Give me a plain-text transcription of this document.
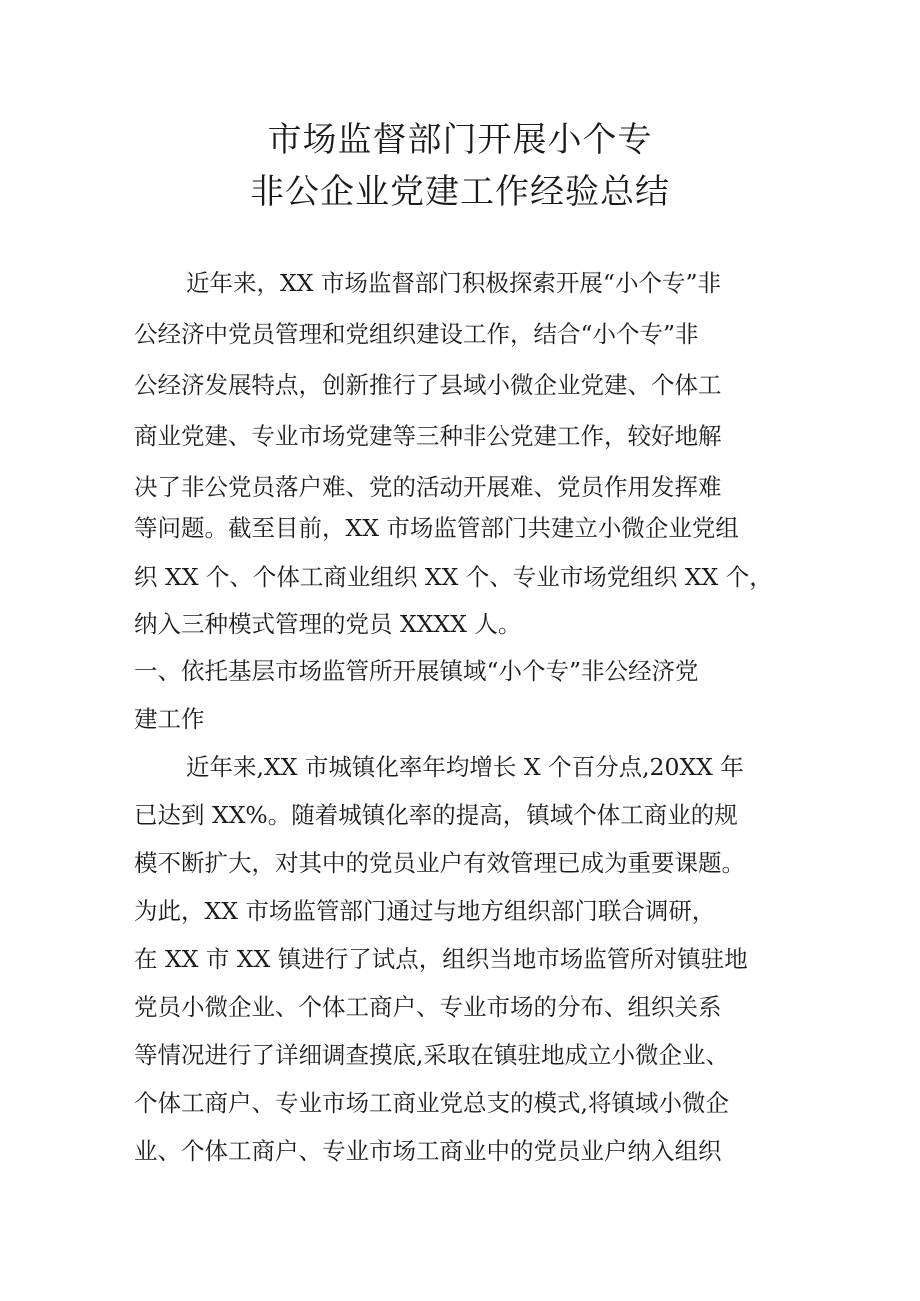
市场监督部门开展小个专
非公企业党建工作经验总结
近年来，XX 市场监督部门积极探索开展“小个专”非
公经济中党员管理和党组织建设工作，结合“小个专”非
公经济发展特点，创新推行了县域小微企业党建、个体工
商业党建、专业市场党建等三种非公党建工作，较好地解
决了非公党员落户难、党的活动开展难、党员作用发挥难
等问题。截至目前，XX 市场监管部门共建立小微企业党组
织 XX 个、个体工商业组织 XX 个、专业市场党组织 XX 个，
纳入三种模式管理的党员 XXXX 人。
一、依托基层市场监管所开展镇域“小个专”非公经济党
建工作
近年来,XX 市城镇化率年均增长 X 个百分点,20XX 年
已达到 XX%。随着城镇化率的提高，镇域个体工商业的规
模不断扩大，对其中的党员业户有效管理已成为重要课题。
为此，XX 市场监管部门通过与地方组织部门联合调研，
在 XX 市 XX 镇进行了试点，组织当地市场监管所对镇驻地
党员小微企业、个体工商户、专业市场的分布、组织关系
等情况进行了详细调查摸底,采取在镇驻地成立小微企业、
个体工商户、专业市场工商业党总支的模式,将镇域小微企
业、个体工商户、专业市场工商业中的党员业户纳入组织
